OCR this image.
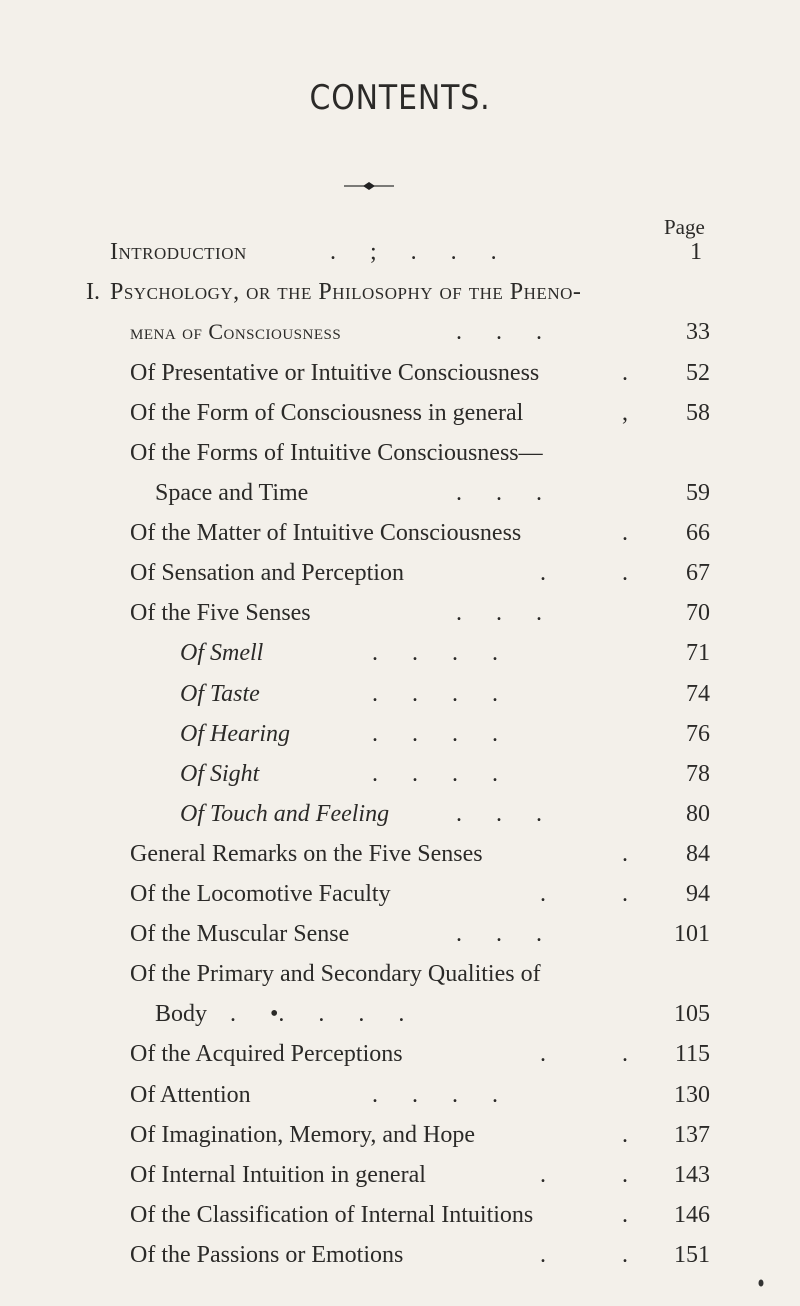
CONTENTS.
Page
Introduction	. ; . . .	1
I. Psychology, or the Philosophy of the Pheno-
mena of Consciousness	. . .	33
Of Presentative or Intuitive Consciousness	. 52
Of the Form of Consciousness in general	, 58
Of the Forms of Intuitive Consciousness—
Space and Time	. . .	59
Of the Matter of Intuitive Consciousness	. 66
Of Sensation and Perception	. . 67
Of the Five Senses	. . .	70
Of Smell	. . . .	71
Of Taste	. . . .	74
Of Hearing	. . . .	76
Of Sight	. . . .	78
Of Touch and Feeling	. . .	80
General Remarks on the Five Senses	. 84
Of the Locomotive Faculty	. . 94
Of the Muscular Sense	. . .	101
Of the Primary and Secondary Qualities of
Body . •. . . .	105
Of the Acquired Perceptions	. . 115
Of Attention	. . . .	130
Of Imagination, Memory, and Hope	. 137
Of Internal Intuition in general	. . 143
Of the Classification of Internal Intuitions	. 146
Of the Passions or Emotions	. . 151
